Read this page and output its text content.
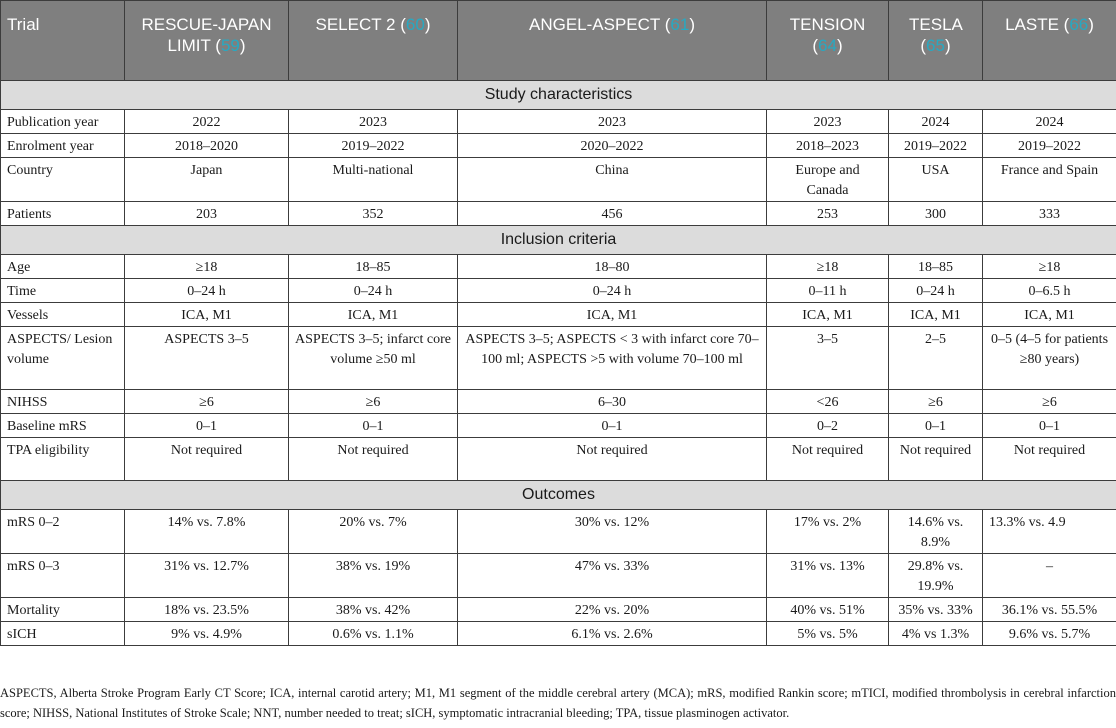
Trial	RESCUE-JAPAN LIMIT (59)	SELECT 2 (60)	ANGEL-ASPECT (61)	TENSION (64)	TESLA (65)	LASTE (66)
Study characteristics						
Publication year	2022	2023	2023	2023	2024	2024
Enrolment year	2018–2020	2019–2022	2020–2022	2018–2023	2019–2022	2019–2022
Country	Japan	Multi-national	China	Europe and Canada	USA	France and Spain
Patients	203	352	456	253	300	333
Inclusion criteria						
Age	≥18	18–85	18–80	≥18	18–85	≥18
Time	0–24 h	0–24 h	0–24 h	0–11 h	0–24 h	0–6.5 h
Vessels	ICA, M1	ICA, M1	ICA, M1	ICA, M1	ICA, M1	ICA, M1
ASPECTS/ Lesion volume	ASPECTS 3–5	ASPECTS 3–5; infarct core volume ≥50 ml	ASPECTS 3–5; ASPECTS < 3 with infarct core 70–100 ml; ASPECTS >5 with volume 70–100 ml	3–5	2–5	0–5 (4–5 for patients ≥80 years)
NIHSS	≥6	≥6	6–30	<26	≥6	≥6
Baseline mRS	0–1	0–1	0–1	0–2	0–1	0–1
TPA eligibility	Not required	Not required	Not required	Not required	Not required	Not required
Outcomes						
mRS 0–2	14% vs. 7.8%	20% vs. 7%	30% vs. 12%	17% vs. 2%	14.6% vs. 8.9%	13.3% vs. 4.9
mRS 0–3	31% vs. 12.7%	38% vs. 19%	47% vs. 33%	31% vs. 13%	29.8% vs. 19.9%	–
Mortality	18% vs. 23.5%	38% vs. 42%	22% vs. 20%	40% vs. 51%	35% vs. 33%	36.1% vs. 55.5%
sICH	9% vs. 4.9%	0.6% vs. 1.1%	6.1% vs. 2.6%	5% vs. 5%	4% vs 1.3%	9.6% vs. 5.7%
ASPECTS, Alberta Stroke Program Early CT Score; ICA, internal carotid artery; M1, M1 segment of the middle cerebral artery (MCA); mRS, modified Rankin score; mTICI, modified thrombolysis in cerebral infarction score; NIHSS, National Institutes of Stroke Scale; NNT, number needed to treat; sICH, symptomatic intracranial bleeding; TPA, tissue plasminogen activator.
